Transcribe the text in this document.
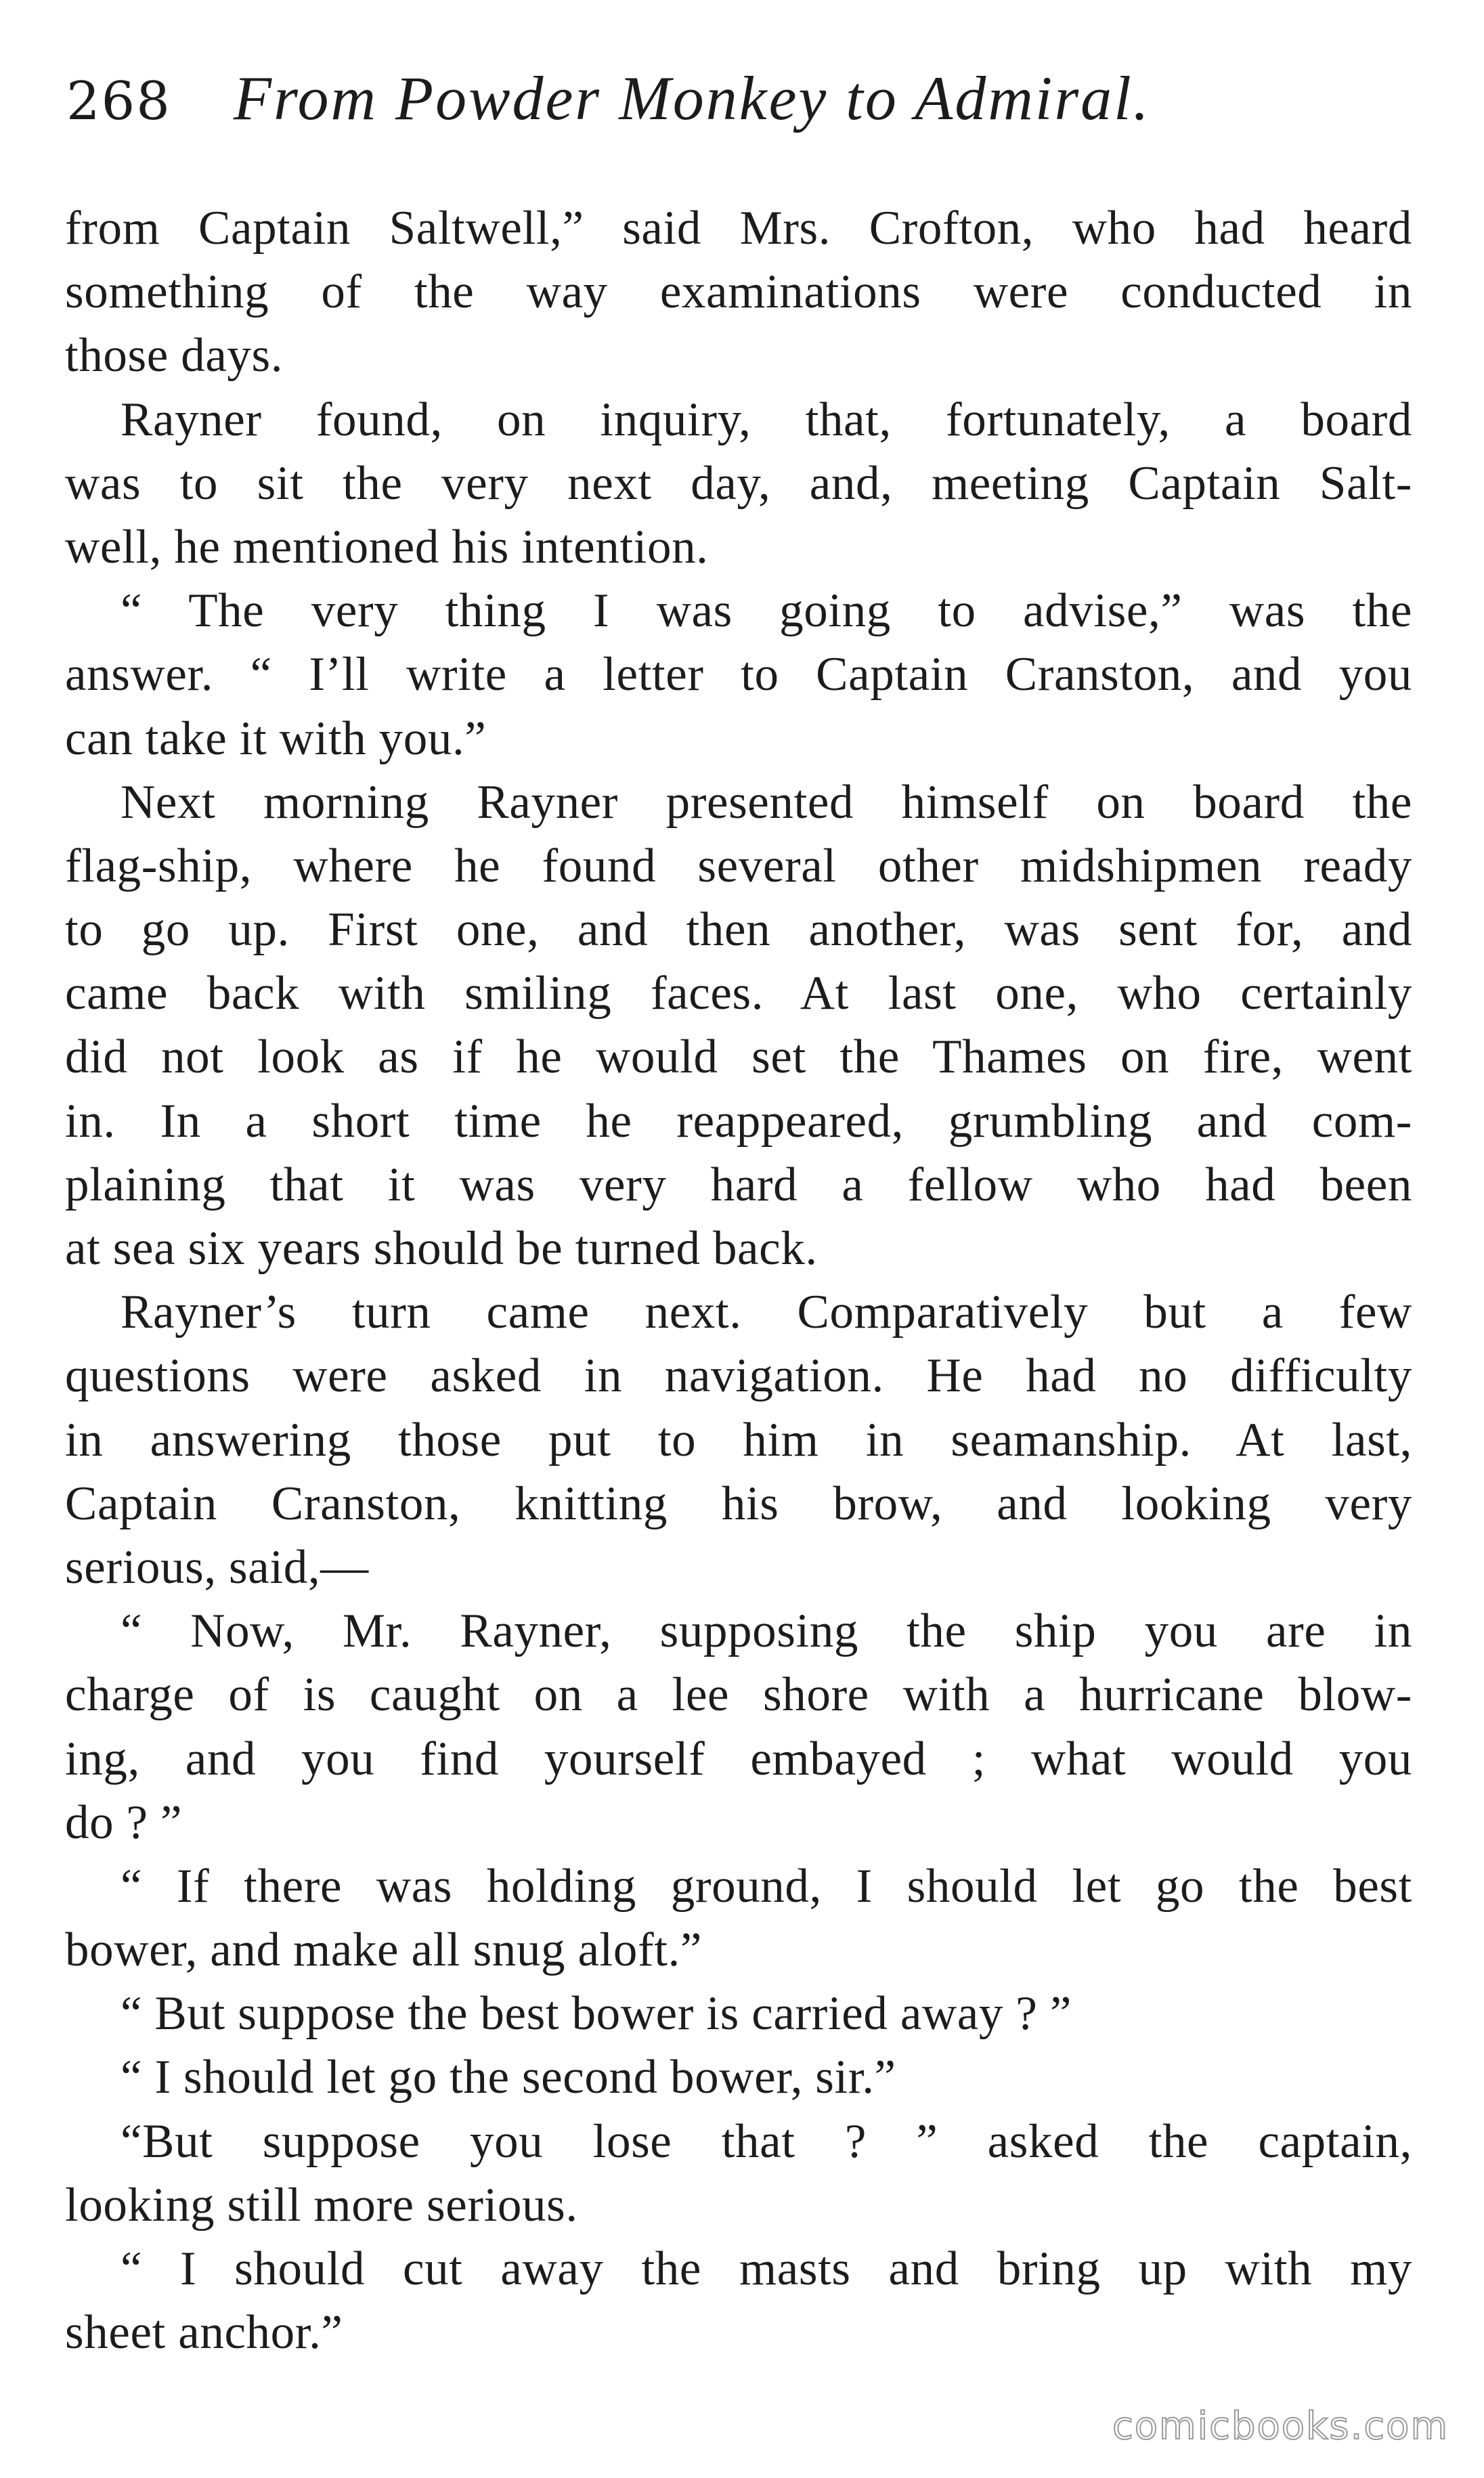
268 From Powder Monkey to Admiral.
from Captain Saltwell,” said Mrs. Crofton, who had heard
something of the way examinations were conducted in
those days.
Rayner found, on inquiry, that, fortunately, a board
was to sit the very next day, and, meeting Captain Salt-
well, he mentioned his intention.
“ The very thing I was going to advise,” was the
answer. “ I’ll write a letter to Captain Cranston, and you
can take it with you.”
Next morning Rayner presented himself on board the
flag-ship, where he found several other midshipmen ready
to go up. First one, and then another, was sent for, and
came back with smiling faces. At last one, who certainly
did not look as if he would set the Thames on fire, went
in. In a short time he reappeared, grumbling and com-
plaining that it was very hard a fellow who had been
at sea six years should be turned back.
Rayner’s turn came next. Comparatively but a few
questions were asked in navigation. He had no difficulty
in answering those put to him in seamanship. At last,
Captain Cranston, knitting his brow, and looking very
serious, said,—
“ Now, Mr. Rayner, supposing the ship you are in
charge of is caught on a lee shore with a hurricane blow-
ing, and you find yourself embayed ; what would you
do ? ”
“ If there was holding ground, I should let go the best
bower, and make all snug aloft.”
“ But suppose the best bower is carried away ? ”
“ I should let go the second bower, sir.”
“But suppose you lose that ? ” asked the captain,
looking still more serious.
“ I should cut away the masts and bring up with my
sheet anchor.”
comicbooks.com
